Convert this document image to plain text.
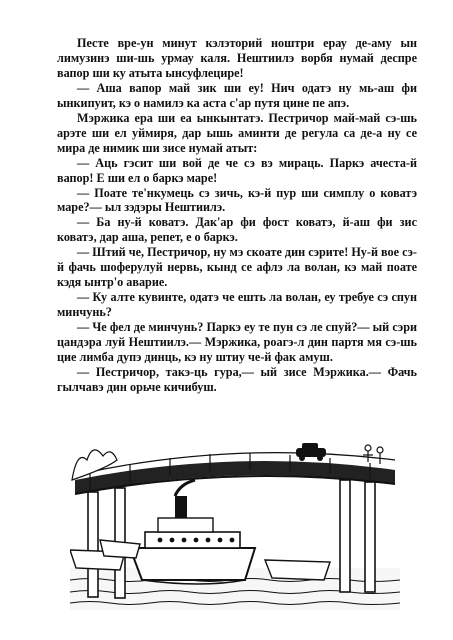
Песте вре-ун минут кэлэторий ноштри ерау де-аму ын лимузинэ ши-шь урмау каля. Нештиилэ ворбя нумай деспре вапор ши ку атыта ынсуфлецире!

— Аша вапор май зик ши еу! Нич одатэ ну мь-аш фи ынкипуит, кэ о намилэ ка аста с'ар путя цине пе апэ.

Мэржика ера ши еа ынкынтатэ. Пестричор май-май сэ-шь арэте ши ел уймиря, дар ышь аминти де регула са де-а ну се мира де нимик ши зисе нумай атыт:

— Аць гэсит ши вой де че сэ вэ мираць. Паркэ ачеста-й вапор! Е ши ел о баркэ маре!

— Поате те'нкумець сэ зичь, кэ-й пур ши симплу о коватэ маре?— ыл зэдэры Нештиилэ.

— Ба ну-й коватэ. Дак'ар фи фост коватэ, й-аш фи зис коватэ, дар аша, репет, е о баркэ.

— Штий че, Пестричор, ну мэ скоате дин сэрите! Ну-й вое сэ-й фачь шоферулуй нервь, кынд се афлэ ла волан, кэ май поате кэдя ынтр'о аварие.

— Ку алте кувинте, одатэ че ешть ла волан, еу требуе сэ спун минчунь?

— Че фел де минчунь? Паркэ еу те пун сэ ле спуй?— ый сэри цандэра луй Нештиилэ.— Мэржика, роагэ-л дин партя мя сэ-шь цие лимба дупэ динць, кэ ну штиу че-й фак амуш.

— Пестричор, такэ-ць гура,— ый зисе Мэржика.— Фачь гылчавэ дин орьче кичибуш.
